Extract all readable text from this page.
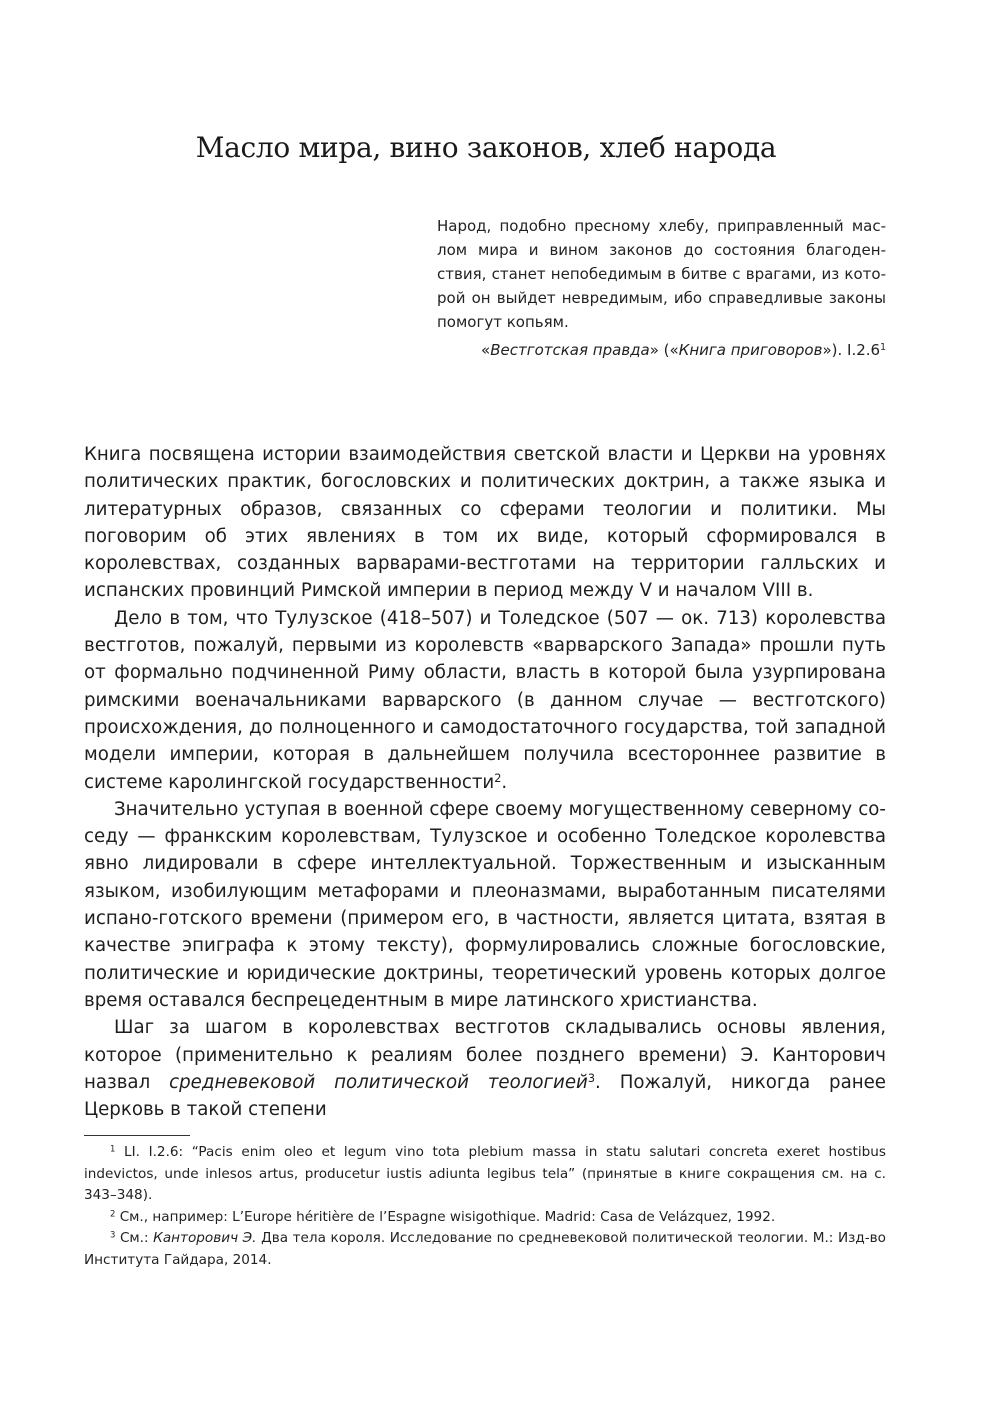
Масло мира, вино законов, хлеб народа

Народ, подобно пресному хлебу, приправленный маслом мира и вином законов до состояния благоденствия, станет непобедимым в битве с врагами, из которой он выйдет невредимым, ибо справедливые законы помогут копьям.

«Вестготская правда» («Книга приговоров»). I.2.6$^1$

Книга посвящена истории взаимодействия светской власти и Церкви на уровнях политических практик, богословских и политических доктрин, а также языка и литературных образов, связанных со сферами теологии и политики. Мы поговорим об этих явлениях в том их виде, который сформировался в королевствах, созданных варварами-вестготами на территории галльских и испанских провинций Римской империи в период между V и началом VIII в.

Дело в том, что Тулузское (418–507) и Толедское (507 — ок. 713) королевства вестготов, пожалуй, первыми из королевств «варварского Запада» прошли путь от формально подчиненной Риму области, власть в которой была узурпирована римскими военачальниками варварского (в данном случае — вестготского) происхождения, до полноценного и самодостаточного государства, той западной модели империи, которая в дальнейшем получила всестороннее развитие в системе каролингской государственности$^2$.

Значительно уступая в военной сфере своему могущественному северному соседу — франкским королевствам, Тулузское и особенно Толедское королевства явно лидировали в сфере интеллектуальной. Торжественным и изысканным языком, изобилующим метафорами и плеоназмами, выработанным писателями испано-готского времени (примером его, в частности, является цитата, взятая в качестве эпиграфа к этому тексту), формулировались сложные богословские, политические и юридические доктрины, теоретический уровень которых долгое время оставался беспрецедентным в мире латинского христианства.

Шаг за шагом в королевствах вестготов складывались основы явления, которое (применительно к реалиям более позднего времени) Э. Канторович назвал средневековой политической теологией$^3$. Пожалуй, никогда ранее Церковь в такой степени

$^1$ LI. I.2.6: “Pacis enim oleo et legum vino tota plebium massa in statu salutari concreta exeret hostibus indevictos, unde inlesos artus, producetur iustis adiunta legibus tela” (принятые в книге сокращения см. на с. 343–348).

$^2$ См., например: L’Europe héritière de l’Espagne wisigothique. Madrid: Casa de Velázquez, 1992.

$^3$ См.: Канторович Э. Два тела короля. Исследование по средневековой политической теологии. М.: Изд-во Института Гайдара, 2014.
